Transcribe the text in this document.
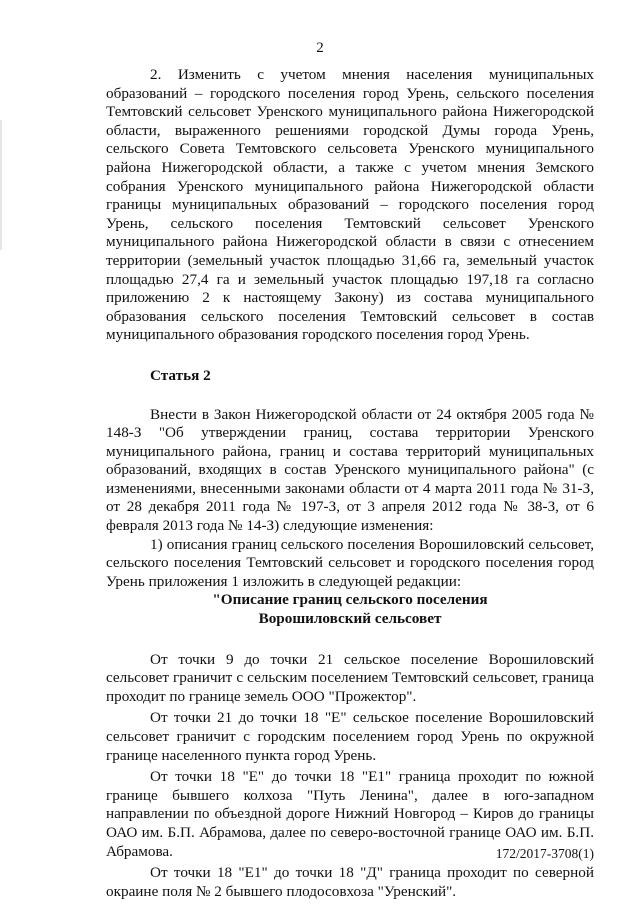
2

2. Изменить с учетом мнения населения муниципальных образований – городского поселения город Урень, сельского поселения Темтовский сельсовет Уренского муниципального района Нижегородской области, выраженного решениями городской Думы города Урень, сельского Совета Темтовского сельсовета Уренского муниципального района Нижегородской области, а также с учетом мнения Земского собрания Уренского муниципального района Нижегородской области границы муниципальных образований – городского поселения город Урень, сельского поселения Темтовский сельсовет Уренского муниципального района Нижегородской области в связи с отнесением территории (земельный участок площадью 31,66 га, земельный участок площадью 27,4 га и земельный участок площадью 197,18 га согласно приложению 2 к настоящему Закону) из состава муниципального образования сельского поселения Темтовский сельсовет в состав муниципального образования городского поселения город Урень.

Статья 2

Внести в Закон Нижегородской области от 24 октября 2005 года № 148-З "Об утверждении границ, состава территории Уренского муниципального района, границ и состава территорий муниципальных образований, входящих в состав Уренского муниципального района" (с изменениями, внесенными законами области от 4 марта 2011 года № 31-З, от 28 декабря 2011 года № 197-З, от 3 апреля 2012 года № 38-З, от 6 февраля 2013 года № 14-З) следующие изменения:

1) описания границ сельского поселения Ворошиловский сельсовет, сельского поселения Темтовский сельсовет и городского поселения город Урень приложения 1 изложить в следующей редакции:

"Описание границ сельского поселения
Ворошиловский сельсовет

От точки 9 до точки 21 сельское поселение Ворошиловский сельсовет граничит с сельским поселением Темтовский сельсовет, граница проходит по границе земель ООО "Прожектор".

От точки 21 до точки 18 "Е" сельское поселение Ворошиловский сельсовет граничит с городским поселением город Урень по окружной границе населенного пункта город Урень.

От точки 18 "Е" до точки 18 "Е1" граница проходит по южной границе бывшего колхоза "Путь Ленина", далее в юго-западном направлении по объездной дороге Нижний Новгород – Киров до границы ОАО им. Б.П. Абрамова, далее по северо-восточной границе ОАО им. Б.П. Абрамова.

От точки 18 "Е1" до точки 18 "Д" граница проходит по северной окраине поля № 2 бывшего плодосовхоза "Уренский".

172/2017-3708(1)
